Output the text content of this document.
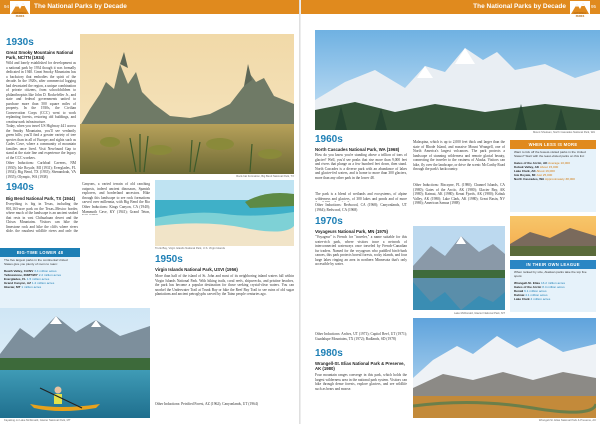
94
NATIONAL PARKS
The National Parks by Decade
1930s
Great Smoky Mountains National Park, NC/TN (1934)
Wild and lonely established for development as a national park by 1934 though it was formally dedicated in 1940. Great Smoky Mountains has a backstory that embodies the spirit of the decade. In the 1920s, after commercial logging had devastated the region, a unique combination of private citizens, from schoolchildren to philanthropists like John D. Rockefeller Jr., and state and federal governments united to purchase more than 500 square miles of property. In the 1930s, the Civilian Conservation Corps (CCC) went to work replanting forests, restoring old buildings, and creating park infrastructure.
Today, when you travel US Highway 441 across the Smoky Mountains, you'll see verdantly green hills; you'll find a greater variety of tree species than in all of Europe; and sights such as Cades Cove, where a community of mountain families once lived. Visit Newfound Gap to stand at the state line and experience the legacy of the CCC workers.
Other Inductions: Carlsbad Caverns, NM (1930); Isle Royale, MI (1931); Everglades, FL (1934); Big Bend, TX (1935); Shenandoah, VA (1935); Olympic, WA (1938)
1940s
Big Bend National Park, TX (1944)
Everything is big in Texas, including the 801,163-acre park on the Texas–Mexico border, where much of the landscape is an ancient seabed that rests in vast Chihuahuan desert and the Chisos Mountains. Visitors can hike the limestone rock and hike the cliffs where rivers slide, the roughest wildlife rivers and only the
Canyons, a varied terrain of old ranching outposts, indeed ancient dinosaurs, Spanish explorers, and borderland ancestors. Hike through this landscape to see rock formations carved over millennia, with Big Bend the Rio
Other Inductions: Kings Canyon, CA (1940); Mammoth Cave, KY (1941); Grand Teton,
Rock-hat Formation, Big Bend National Park, TX
Trunk Bay, Virgin Islands National Park, U.S. Virgin Islands
BIG-TIME LOWER 48
The five largest parks in the continental United States give you plenty of room to roam:
Death Valley, CA/NV 3.4 million acres
Yellowstone, ID/MT/WY 2.2 million acres
Everglades, FL 1.5 million acres
Grand Canyon, AZ 1.2 million acres
Glacier, MT 1 million acres
Kayaking on Lake McDonald, Glacier National Park, MT
1950s
Virgin Islands National Park, USVI (1956)
More than half of the island of St. John and most of its neighboring inland waters fall within Virgin Islands National Park. With hiking trails, coral reefs, shipwrecks, and pristine beaches, the park has become a popular destination for those seeking crystal-clear waters. You can snorkel the Underwater Trail at Trunk Bay or hike the Reef Bay Trail to see ruins of old sugar plantations and ancient petroglyphs carved by the Taino people centuries ago.
Other Inductions: Petrified Forest, AZ (1962); Canyonlands, UT (1964)
The National Parks by Decade
NATIONAL PARKS
95
Mount Shuksan, North Cascades National Park, WA
1960s
North Cascades National Park, WA (1968)
How do you know you're standing above a trillion of tons of glacier? Well, you'd see peaks that rise more than 9,000 feet and rivers that plunge as a few hundred feet down, then stand. North Cascades is a diverse park with an abundance of lakes and glacier-fed waters, and is home to more than 300 glaciers, more than any other park in the lower 48.
The park is a blend of wetlands and ecosystems, of alpine wilderness and glaciers, of 300 lakes and ponds and of more
Other Inductions: Redwood, CA (1968); Canyonlands, UT (1964); Redwood, CA (1968)
1970s
Voyageurs National Park, MN (1975)
"Voyageur" is French for "traveler," a name suitable for this water-rich park, where visitors trace a network of interconnected waterways once traveled by French-Canadian fur traders. Named for the voyageurs who paddled birch-bark canoes, this park protects boreal forests, rocky islands, and four large lakes ringing an area in northern Minnesota that's only accessible by water.
Other Inductions: Arches, UT (1971); Capitol Reef, UT (1971); Guadalupe Mountains, TX (1972); Badlands, SD (1978)
1980s
Wrangell-St. Elias National Park & Preserve, AK (1980)
Four mountain ranges converge in this park, which holds the largest wilderness area in the national park system. Visitors can hike through dense forests, explore glaciers, and see wildlife such as bears and moose.
Malaspina, which is up to 2,000 feet thick and larger than the state of Rhode Island, and massive Mount Wrangell, one of North America's largest volcanoes. The park protects a landscape of stunning wilderness and remote glacial beauty, connecting the traveler to the vastness of Alaska. Visitors can hike, fly over the landscape, or drive the scenic McCarthy Road through the park's backcountry.
Other Inductions: Biscayne, FL (1980); Channel Islands, CA (1980); Gates of the Arctic, AK (1980); Glacier Bay, AK (1980); Katmai, AK (1980); Kenai Fjords, AK (1980); Kobuk Valley, AK (1980); Lake Clark, AK (1980); Great Basin, NV (1986); American Samoa (1988)
Lake McDonald, Glacier National Park, MT
WHEN LESS IS MORE
Want to tick off the fewest-visited parks in the United States? Start with the least-visited parks on this list:
Gates of the Arctic, AK Average 10,000
Kobuk Valley, AK About 15,000
Lake Clark, AK About 16,000
Isle Royale, MI Just 25,000
North Cascades, WA Approximately 38,000
IN THEIR OWN LEAGUE
When ranked by size, Alaskan parks take the top five spots:
Wrangell-St. Elias 13.2 million acres
Gates of the Arctic 8.4 million acres
Denali 6.1 million acres
Katmai 4.1 million acres
Lake Clark 4 million acres
Wrangell-St. Elias National Park & Preserve, AK
